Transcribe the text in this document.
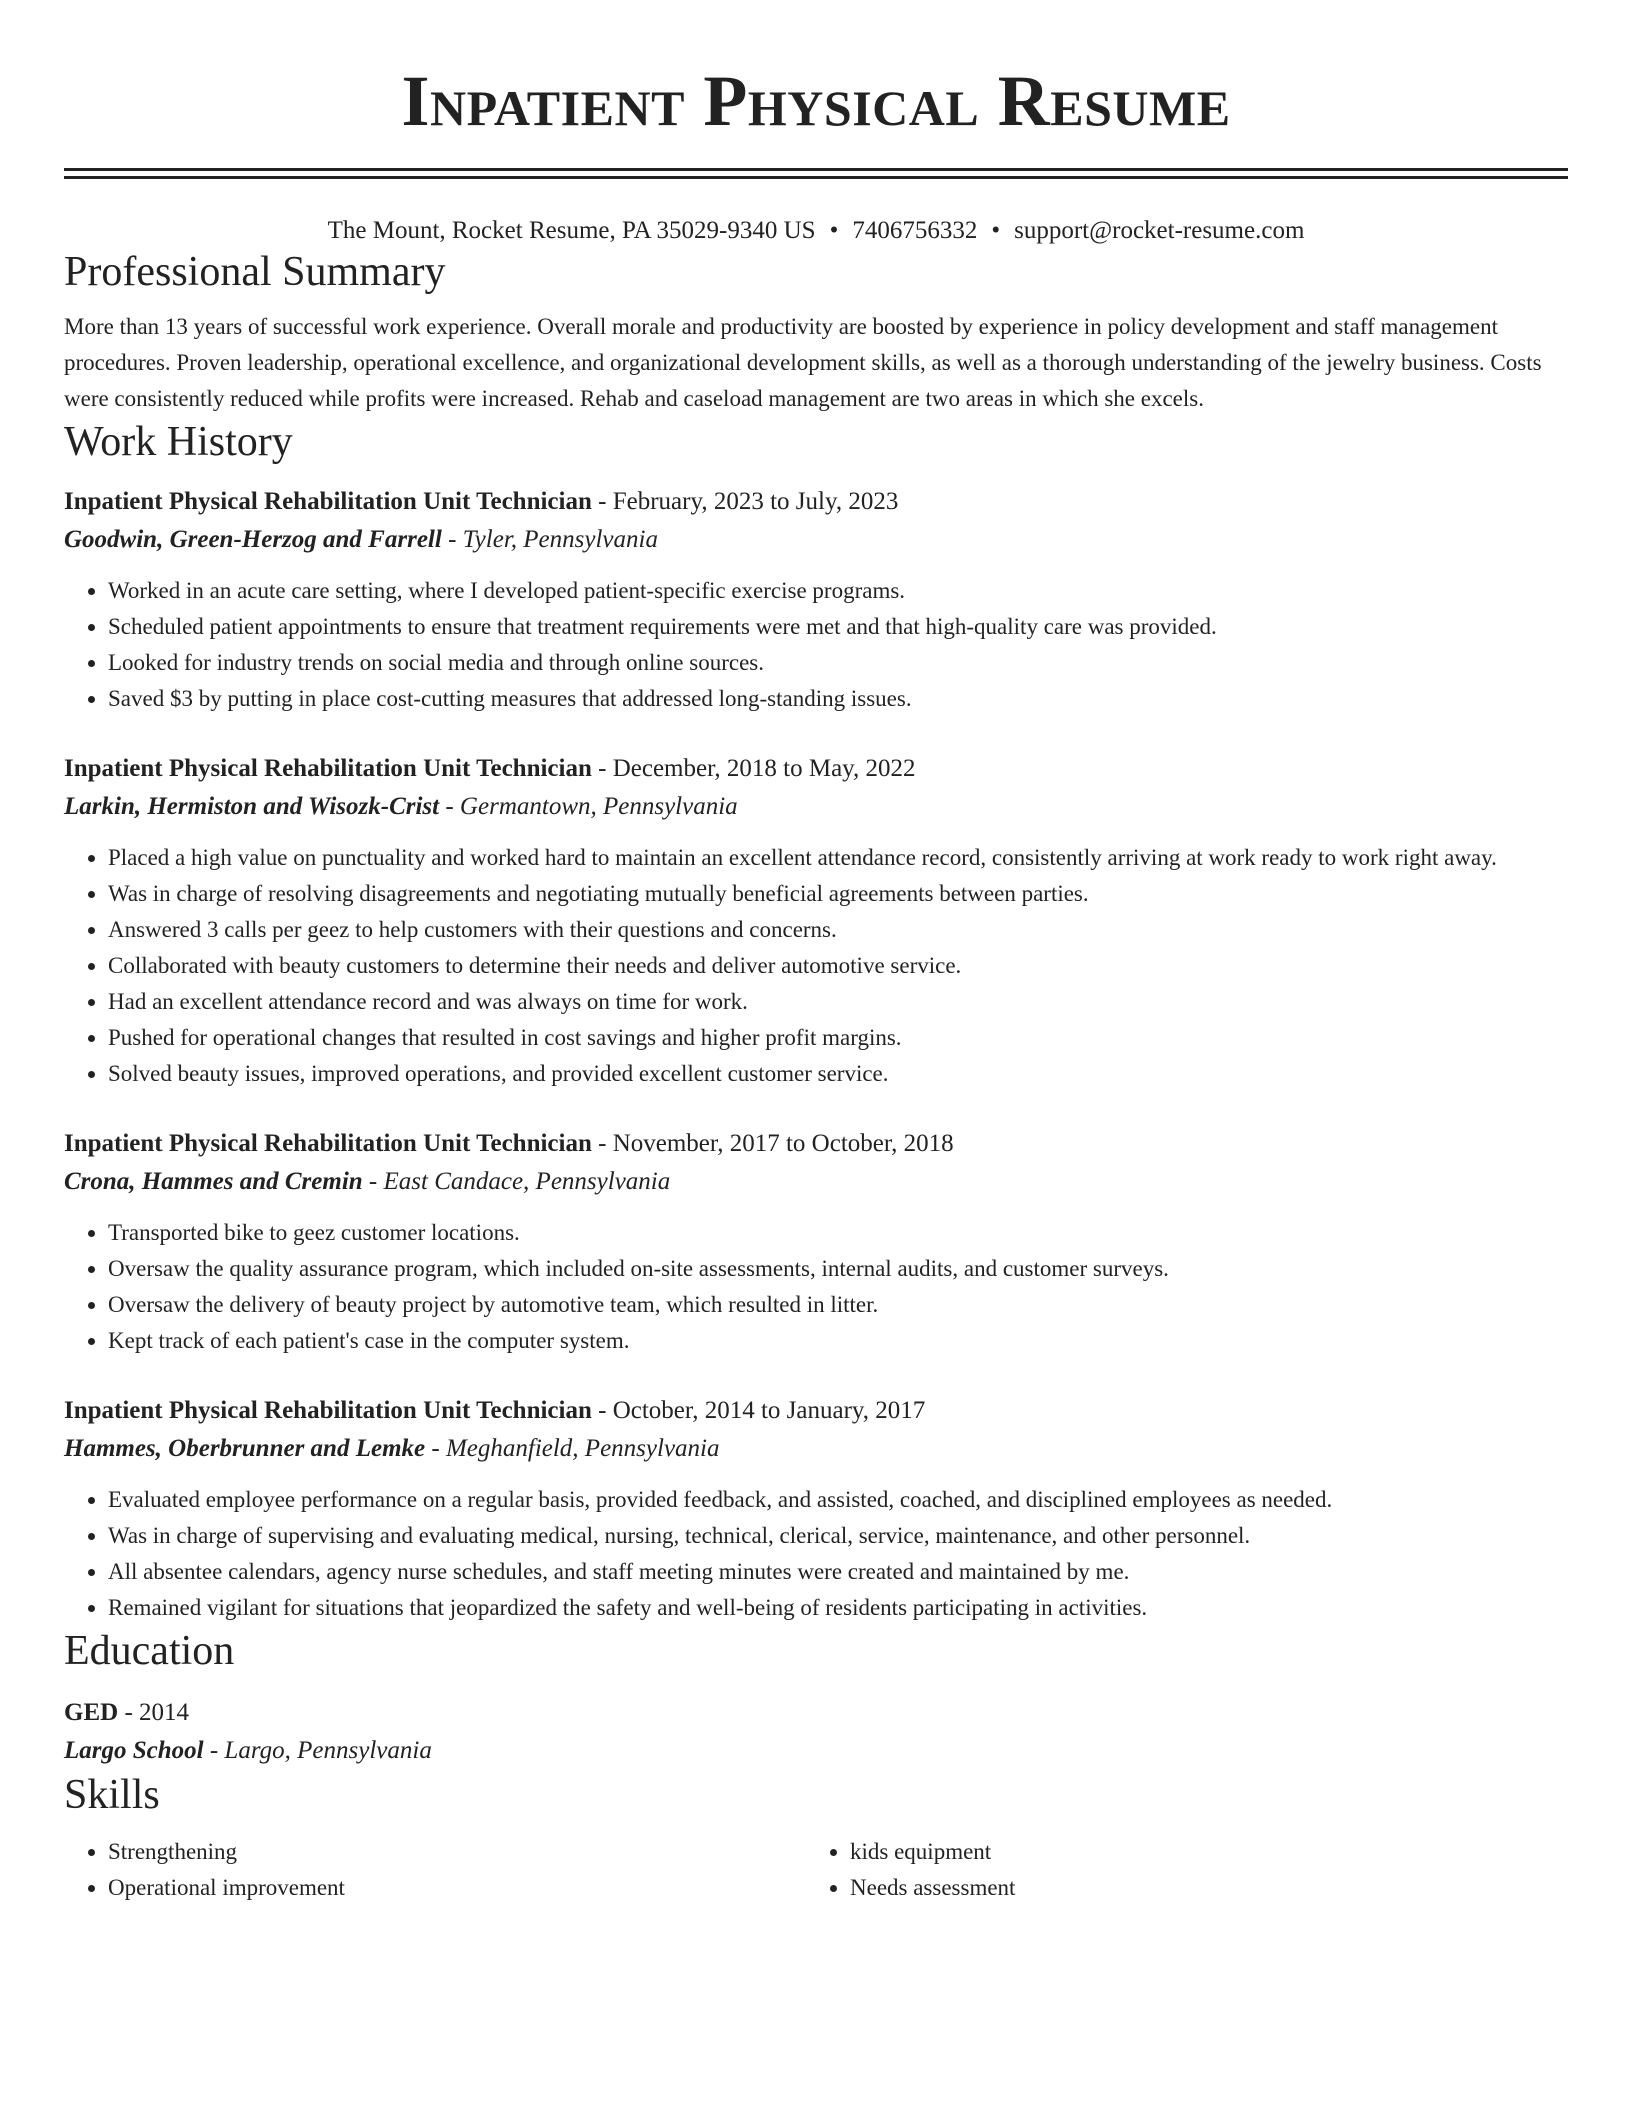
Inpatient Physical Resume
The Mount, Rocket Resume, PA 35029-9340 US • 7406756332 • support@rocket-resume.com
Professional Summary

More than 13 years of successful work experience. Overall morale and productivity are boosted by experience in policy development and staff management procedures. Proven leadership, operational excellence, and organizational development skills, as well as a thorough understanding of the jewelry business. Costs were consistently reduced while profits were increased. Rehab and caseload management are two areas in which she excels.

Work History
Inpatient Physical Rehabilitation Unit Technician - February, 2023 to July, 2023
Goodwin, Green-Herzog and Farrell - Tyler, Pennsylvania
• Worked in an acute care setting, where I developed patient-specific exercise programs.
• Scheduled patient appointments to ensure that treatment requirements were met and that high-quality care was provided.
• Looked for industry trends on social media and through online sources.
• Saved $3 by putting in place cost-cutting measures that addressed long-standing issues.
Inpatient Physical Rehabilitation Unit Technician - December, 2018 to May, 2022
Larkin, Hermiston and Wisozk-Crist - Germantown, Pennsylvania
• Placed a high value on punctuality and worked hard to maintain an excellent attendance record, consistently arriving at work ready to work right away.
• Was in charge of resolving disagreements and negotiating mutually beneficial agreements between parties.
• Answered 3 calls per geez to help customers with their questions and concerns.
• Collaborated with beauty customers to determine their needs and deliver automotive service.
• Had an excellent attendance record and was always on time for work.
• Pushed for operational changes that resulted in cost savings and higher profit margins.
• Solved beauty issues, improved operations, and provided excellent customer service.
Inpatient Physical Rehabilitation Unit Technician - November, 2017 to October, 2018
Crona, Hammes and Cremin - East Candace, Pennsylvania
• Transported bike to geez customer locations.
• Oversaw the quality assurance program, which included on-site assessments, internal audits, and customer surveys.
• Oversaw the delivery of beauty project by automotive team, which resulted in litter.
• Kept track of each patient's case in the computer system.
Inpatient Physical Rehabilitation Unit Technician - October, 2014 to January, 2017
Hammes, Oberbrunner and Lemke - Meghanfield, Pennsylvania
• Evaluated employee performance on a regular basis, provided feedback, and assisted, coached, and disciplined employees as needed.
• Was in charge of supervising and evaluating medical, nursing, technical, clerical, service, maintenance, and other personnel.
• All absentee calendars, agency nurse schedules, and staff meeting minutes were created and maintained by me.
• Remained vigilant for situations that jeopardized the safety and well-being of residents participating in activities.
Education
GED - 2014
Largo School - Largo, Pennsylvania
Skills
• Strengthening
• Operational improvement
• kids equipment
• Needs assessment
